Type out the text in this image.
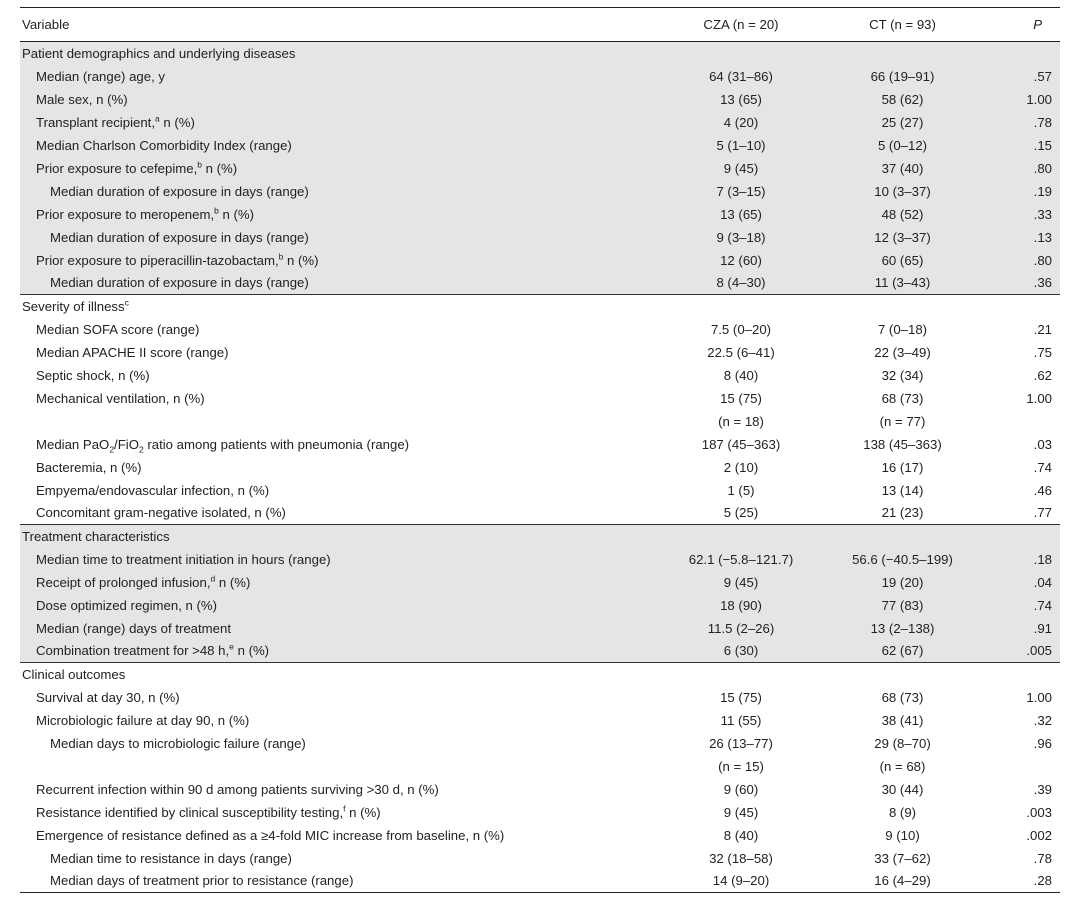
Variable	CZA (n = 20)	CT (n = 93)	P
Patient demographics and underlying diseases			
Median (range) age, y	64 (31–86)	66 (19–91)	.57
Male sex, n (%)	13 (65)	58 (62)	1.00
Transplant recipient,$^a$ n (%)	4 (20)	25 (27)	.78
Median Charlson Comorbidity Index (range)	5 (1–10)	5 (0–12)	.15
Prior exposure to cefepime,$^b$ n (%)	9 (45)	37 (40)	.80
Median duration of exposure in days (range)	7 (3–15)	10 (3–37)	.19
Prior exposure to meropenem,$^b$ n (%)	13 (65)	48 (52)	.33
Median duration of exposure in days (range)	9 (3–18)	12 (3–37)	.13
Prior exposure to piperacillin-tazobactam,$^b$ n (%)	12 (60)	60 (65)	.80
Median duration of exposure in days (range)	8 (4–30)	11 (3–43)	.36
Severity of illness$^c$			
Median SOFA score (range)	7.5 (0–20)	7 (0–18)	.21
Median APACHE II score (range)	22.5 (6–41)	22 (3–49)	.75
Septic shock, n (%)	8 (40)	32 (34)	.62
Mechanical ventilation, n (%)	15 (75)	68 (73)	1.00
	(n = 18)	(n = 77)	
Median PaO$_2$/FiO$_2$ ratio among patients with pneumonia (range)	187 (45–363)	138 (45–363)	.03
Bacteremia, n (%)	2 (10)	16 (17)	.74
Empyema/endovascular infection, n (%)	1 (5)	13 (14)	.46
Concomitant gram-negative isolated, n (%)	5 (25)	21 (23)	.77
Treatment characteristics			
Median time to treatment initiation in hours (range)	62.1 (−5.8–121.7)	56.6 (−40.5–199)	.18
Receipt of prolonged infusion,$^d$ n (%)	9 (45)	19 (20)	.04
Dose optimized regimen, n (%)	18 (90)	77 (83)	.74
Median (range) days of treatment	11.5 (2–26)	13 (2–138)	.91
Combination treatment for >48 h,$^e$ n (%)	6 (30)	62 (67)	.005
Clinical outcomes			
Survival at day 30, n (%)	15 (75)	68 (73)	1.00
Microbiologic failure at day 90, n (%)	11 (55)	38 (41)	.32
Median days to microbiologic failure (range)	26 (13–77)	29 (8–70)	.96
	(n = 15)	(n = 68)	
Recurrent infection within 90 d among patients surviving >30 d, n (%)	9 (60)	30 (44)	.39
Resistance identified by clinical susceptibility testing,$^f$ n (%)	9 (45)	8 (9)	.003
Emergence of resistance defined as a ≥4-fold MIC increase from baseline, n (%)	8 (40)	9 (10)	.002
Median time to resistance in days (range)	32 (18–58)	33 (7–62)	.78
Median days of treatment prior to resistance (range)	14 (9–20)	16 (4–29)	.28
